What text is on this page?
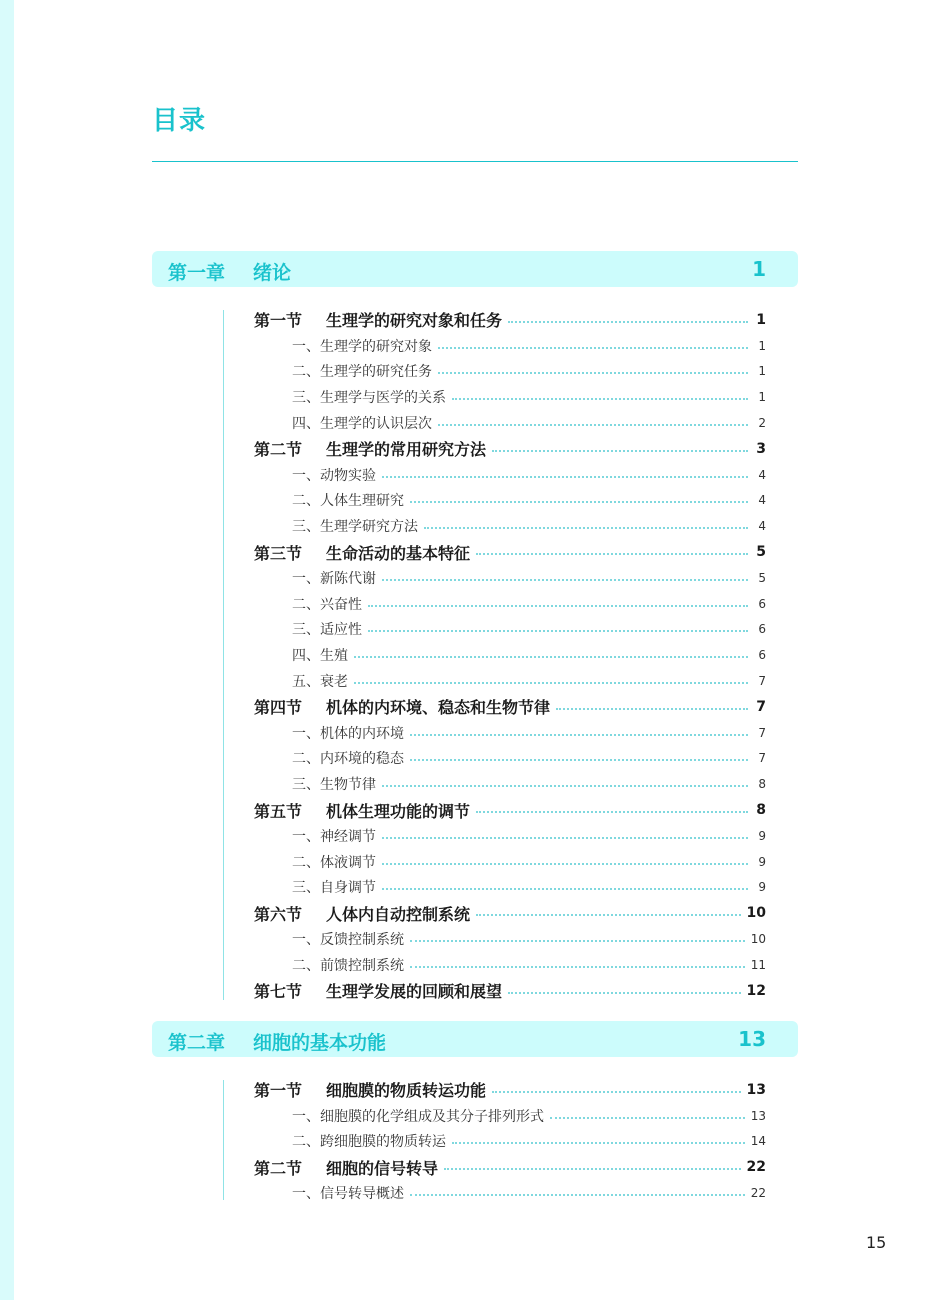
目录
第一章 绪论	1
第一节	生理学的研究对象和任务	1
一、生理学的研究对象	1
二、生理学的研究任务	1
三、生理学与医学的关系	1
四、生理学的认识层次	2
第二节	生理学的常用研究方法	3
一、动物实验	4
二、人体生理研究	4
三、生理学研究方法	4
第三节	生命活动的基本特征	5
一、新陈代谢	5
二、兴奋性	6
三、适应性	6
四、生殖	6
五、衰老	7
第四节	机体的内环境、稳态和生物节律	7
一、机体的内环境	7
二、内环境的稳态	7
三、生物节律	8
第五节	机体生理功能的调节	8
一、神经调节	9
二、体液调节	9
三、自身调节	9
第六节	人体内自动控制系统	10
一、反馈控制系统	10
二、前馈控制系统	11
第七节	生理学发展的回顾和展望	12
第二章 细胞的基本功能	13
第一节	细胞膜的物质转运功能	13
一、细胞膜的化学组成及其分子排列形式	13
二、跨细胞膜的物质转运	14
第二节	细胞的信号转导	22
一、信号转导概述	22
15
